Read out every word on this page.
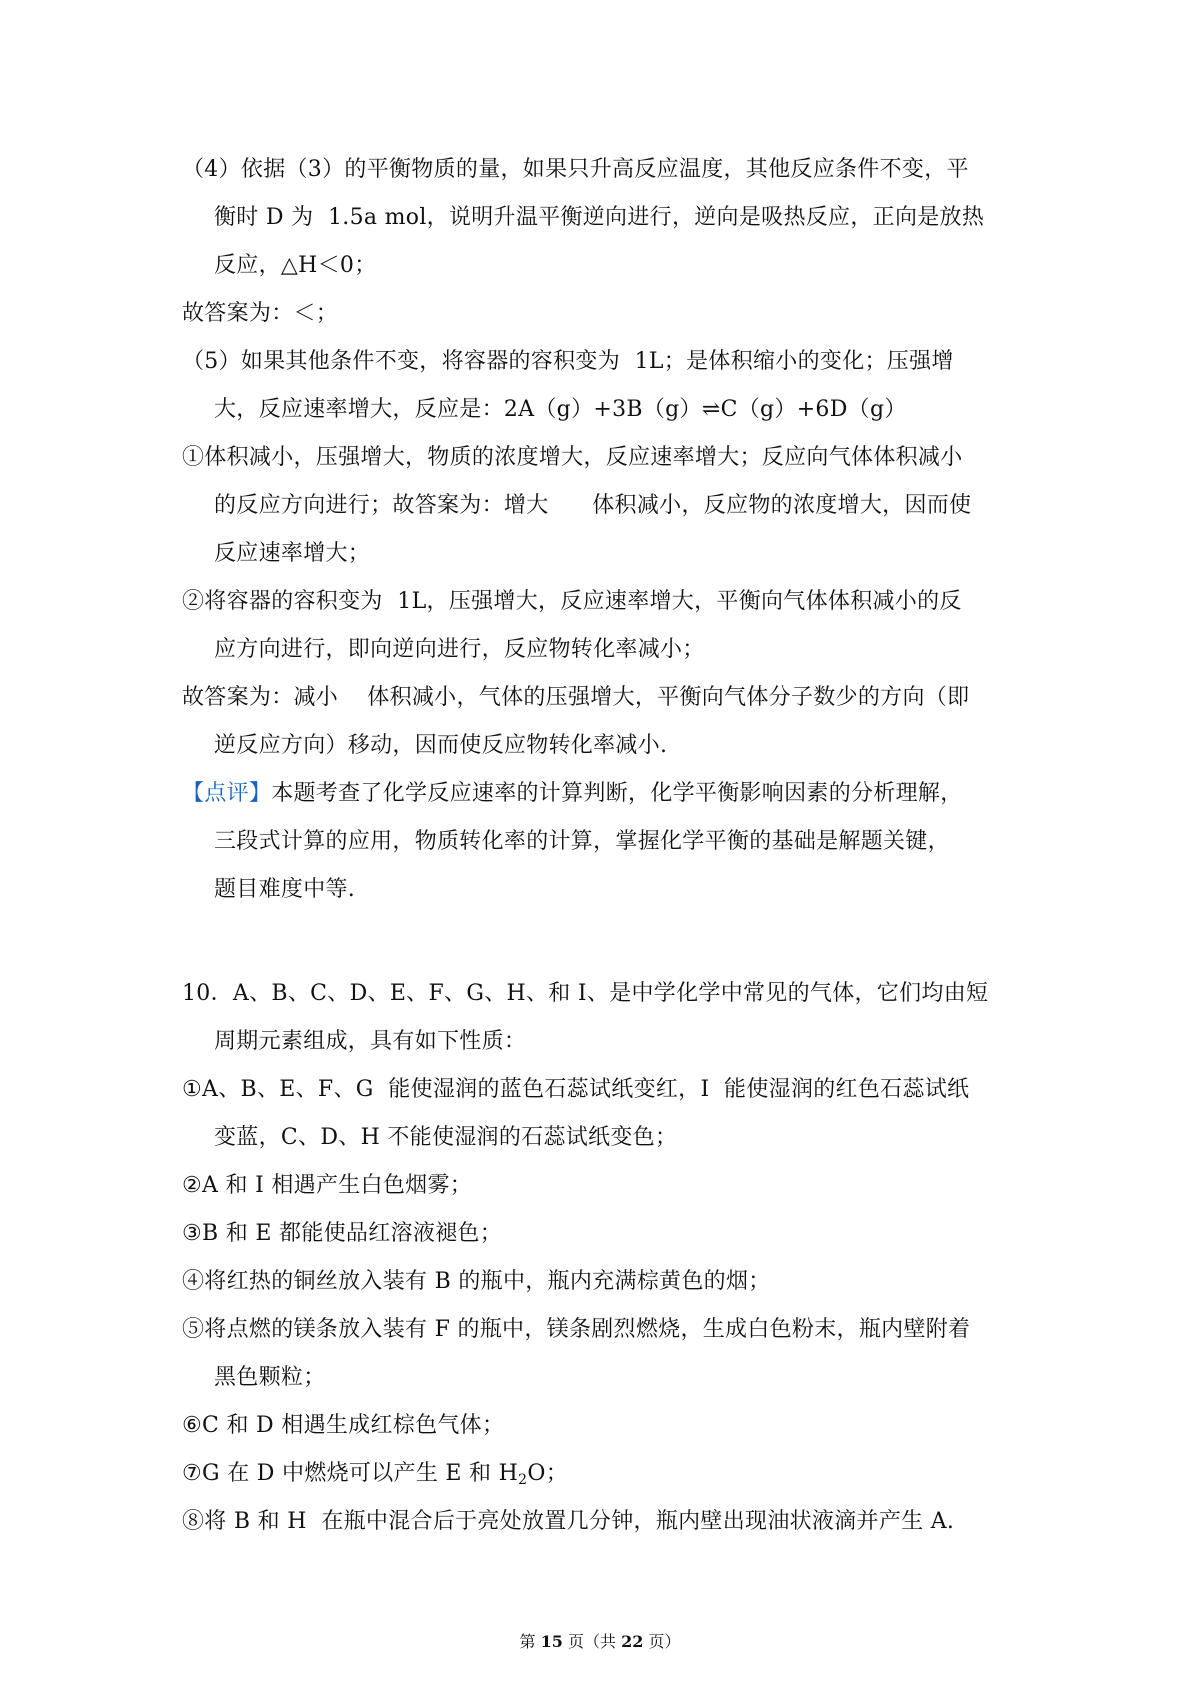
（4）依据（3）的平衡物质的量，如果只升高反应温度，其他反应条件不变，平
衡时 D 为  1.5a mol，说明升温平衡逆向进行，逆向是吸热反应，正向是放热
反应，△H＜0；
故答案为：＜；
（5）如果其他条件不变，将容器的容积变为  1L；是体积缩小的变化；压强增
大，反应速率增大，反应是：2A（g）+3B（g）⇌C（g）+6D（g）
①体积减小，压强增大，物质的浓度增大，反应速率增大；反应向气体体积减小
的反应方向进行；故答案为：增大      体积减小，反应物的浓度增大，因而使
反应速率增大；
②将容器的容积变为  1L，压强增大，反应速率增大，平衡向气体体积减小的反
应方向进行，即向逆向进行，反应物转化率减小；
故答案为：减小    体积减小，气体的压强增大，平衡向气体分子数少的方向（即
逆反应方向）移动，因而使反应物转化率减小.
【点评】本题考查了化学反应速率的计算判断，化学平衡影响因素的分析理解，
三段式计算的应用，物质转化率的计算，掌握化学平衡的基础是解题关键，
题目难度中等.
10．A、B、C、D、E、F、G、H、和 I、是中学化学中常见的气体，它们均由短
周期元素组成，具有如下性质：
①A、B、E、F、G  能使湿润的蓝色石蕊试纸变红，I  能使湿润的红色石蕊试纸
变蓝，C、D、H 不能使湿润的石蕊试纸变色；
②A 和 I 相遇产生白色烟雾；
③B 和 E 都能使品红溶液褪色；
④将红热的铜丝放入装有 B 的瓶中，瓶内充满棕黄色的烟；
⑤将点燃的镁条放入装有 F 的瓶中，镁条剧烈燃烧，生成白色粉末，瓶内壁附着
黑色颗粒；
⑥C 和 D 相遇生成红棕色气体；
⑦G 在 D 中燃烧可以产生 E 和 $H_2O$；
⑧将 B 和 H  在瓶中混合后于亮处放置几分钟，瓶内壁出现油状液滴并产生 A.
第 15 页（共 22 页）
